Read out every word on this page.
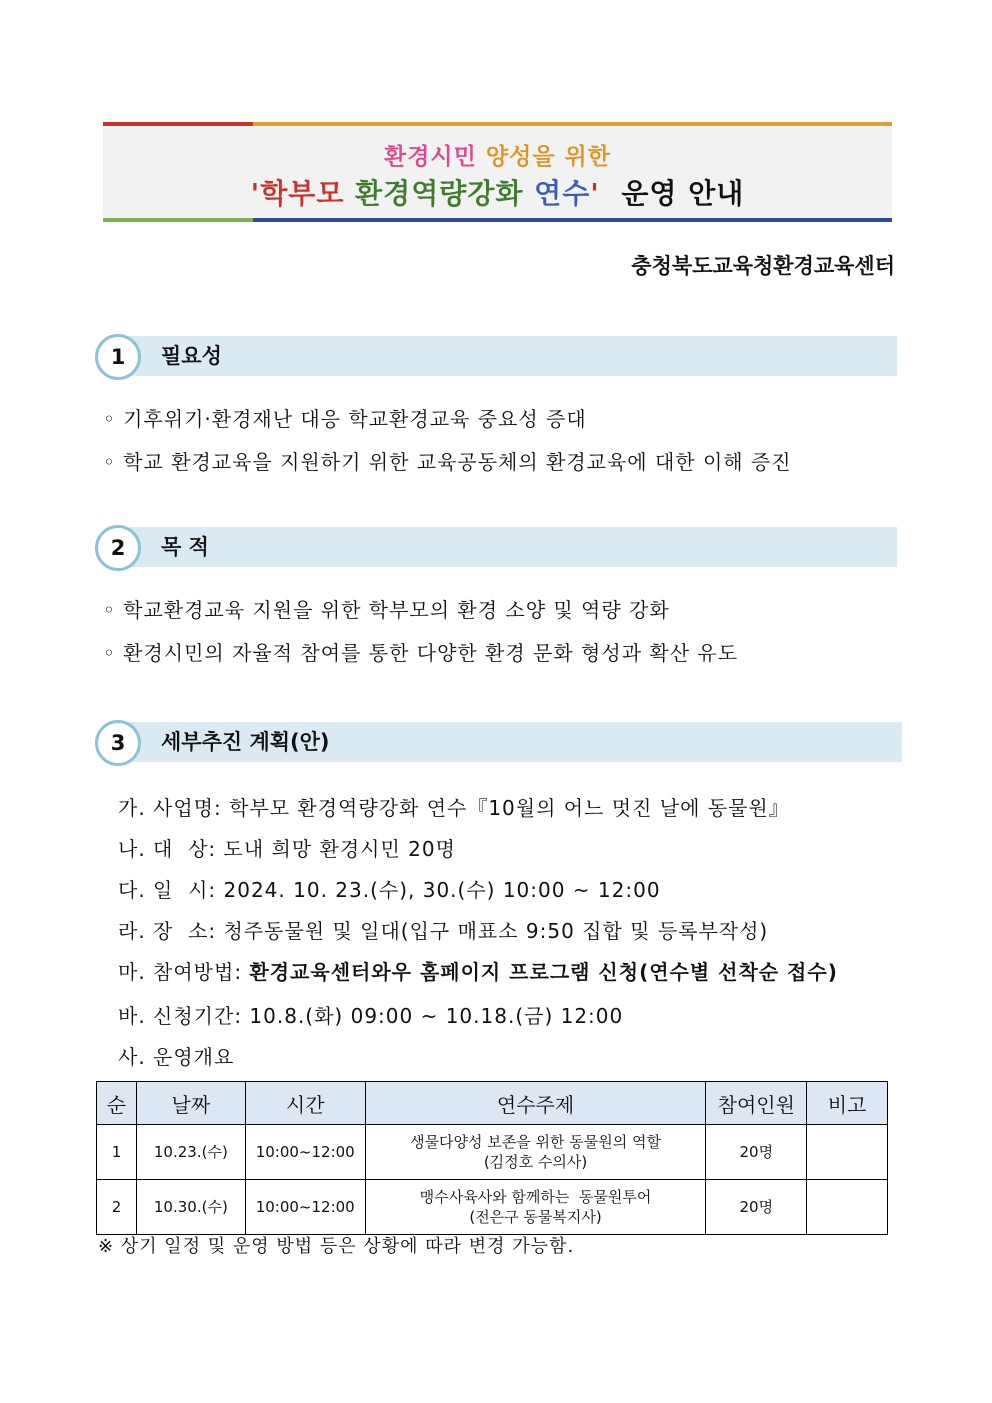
환경시민 양성을 위한
'학부모 환경역량강화 연수'  운영 안내
충청북도교육청환경교육센터
1	필요성
◦ 기후위기·환경재난 대응 학교환경교육 중요성 증대
◦ 학교 환경교육을 지원하기 위한 교육공동체의 환경교육에 대한 이해 증진
2	목 적
◦ 학교환경교육 지원을 위한 학부모의 환경 소양 및 역량 강화
◦ 환경시민의 자율적 참여를 통한 다양한 환경 문화 형성과 확산 유도
3	세부추진 계획(안)
가. 사업명: 학부모 환경역량강화 연수『10월의 어느 멋진 날에 동물원』
나. 대  상: 도내 희망 환경시민 20명
다. 일  시: 2024. 10. 23.(수), 30.(수) 10:00 ~ 12:00
라. 장  소: 청주동물원 및 일대(입구 매표소 9:50 집합 및 등록부작성)
마. 참여방법: 환경교육센터와우 홈페이지 프로그램 신청(연수별 선착순 접수)
바. 신청기간: 10.8.(화) 09:00 ~ 10.18.(금) 12:00
사. 운영개요
순	날짜	시간	연수주제	참여인원	비고
1	10.23.(수)	10:00~12:00	생물다양성 보존을 위한 동물원의 역할
(김정호 수의사)	20명	
2	10.30.(수)	10:00~12:00	맹수사육사와 함께하는  동물원투어
(전은구 동물복지사)	20명	
※ 상기 일정 및 운영 방법 등은 상황에 따라 변경 가능함.
